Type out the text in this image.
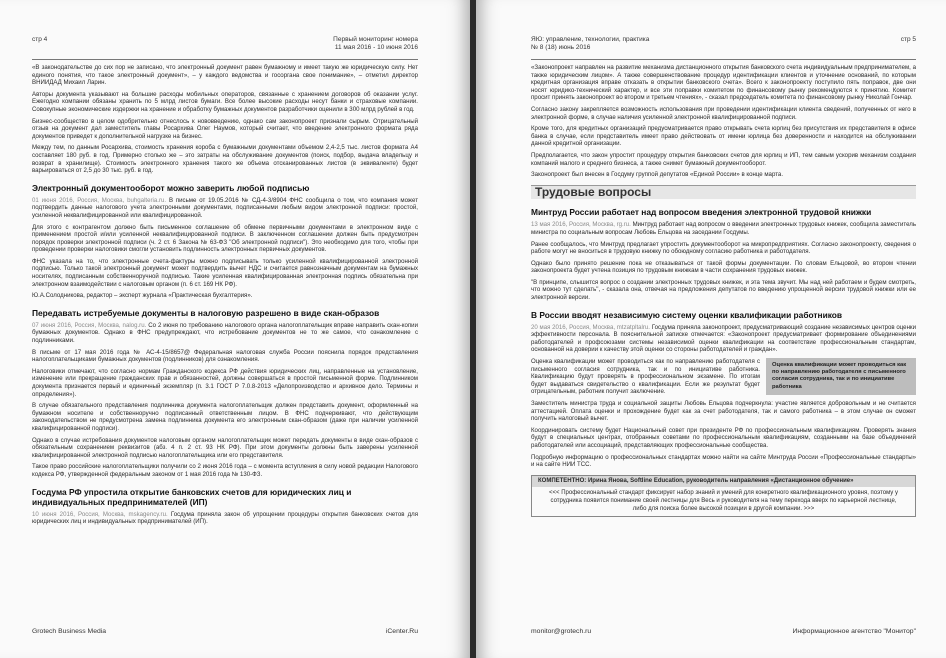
стр 4	Первый мониторинг номера
11 мая 2016 - 10 июня 2016

«В законодательстве до сих пор не записано, что электронный документ равен бумажному и имеет такую же юридическую силу. Нет единого понятия, что такое электронный документ», – у каждого ведомства и госоргана свое понимание», – отметил директор ВНИИДАД Михаил Ларин.

Авторы документа указывают на большие расходы мобильных операторов, связанные с хранением договоров об оказании услуг. Ежегодно компании обязаны хранить по 5 млрд листов бумаги. Все более высокие расходы несут банки и страховые компании. Совокупные экономические издержки на хранение и обработку бумажных документов разработчики оценили в 300 млрд рублей в год.

Бизнес-сообщество в целом одобрительно отнеслось к нововведению, однако сам законопроект признали сырым. Отрицательный отзыв на документ дал заместитель главы Росархива Олег Наумов, который считает, что введение электронного формата ряда документов приведет к дополнительной нагрузке на бизнес.

Между тем, по данным Росархива, стоимость хранения короба с бумажными документами объемом 2,4-2,5 тыс. листов формата А4 составляет 180 руб. в год. Примерно столько же – это затраты на обслуживание документов (поиск, подбор, выдача владельцу и возврат в хранилище). Стоимость электронного хранения такого же объема отсканированных листов (в эквиваленте) будет варьироваться от 2,5 до 30 тыс. руб. в год.

Электронный документооборот можно заверить любой подписью

01 июня 2016, Россия, Москва, buhgalteria.ru. В письме от 19.05.2016 № СД-4-3/8904 ФНС сообщила о том, что компания может подтвердить данные налогового учета электронными документами, подписанными любым видом электронной подписи: простой, усиленной неквалифицированной или квалифицированной.

Для этого с контрагентом должно быть письменное соглашение об обмене первичными документами в электронном виде с применением простой и/или усиленной неквалифицированной подписи. В заключенном соглашении должен быть предусмотрен порядок проверки электронной подписи (ч. 2 ст. 6 Закона № 63-ФЗ "Об электронной подписи"). Это необходимо для того, чтобы при проведении проверки налоговики смогли установить подлинность электронных первичных документов.

ФНС указала на то, что электронные счета-фактуры можно подписывать только усиленной квалифицированной электронной подписью. Только такой электронный документ может подтвердить вычет НДС и считается равнозначным документам на бумажных носителях, подписанным собственноручной подписью. Такие усиленная квалифицированная электронная подпись обязательна при электронном взаимодействии с налоговым органом (п. 6 ст. 169 НК РФ).

Ю.А.Солодникова, редактор – эксперт журнала «Практическая бухгалтерия».

Передавать истребуемые документы в налоговую разрешено в виде скан-образов

07 июня 2016, Россия, Москва, nalog.ru. Со 2 июня по требованию налогового органа налогоплательщик вправе направить скан-копии бумажных документов. Однако в ФНС предупреждают, что истребование документов не то же самое, что ознакомление с подлинниками.

В письме от 17 мая 2016 года № АС-4-15/8657@ Федеральная налоговая служба России пояснила порядок представления налогоплательщиками бумажных документов (подлинников) для ознакомления.

Налоговики отмечают, что согласно нормам Гражданского кодекса РФ действия юридических лиц, направленные на установление, изменение или прекращение гражданских прав и обязанностей, должны совершаться в простой письменной форме. Подлинником документа признается первый и единичный экземпляр (п. 3.1 ГОСТ Р 7.0.8-2013 «Делопроизводство и архивное дело. Термины и определения»).

В случае обязательного представления подлинника документа налогоплательщик должен представить документ, оформленный на бумажном носителе и собственноручно подписанный ответственным лицом. В ФНС подчеркивают, что действующим законодательством не предусмотрена замена подлинника документа его электронным скан-образом (даже при наличии усиленной квалифицированной подписи).

Однако в случае истребования документов налоговым органом налогоплательщик может передать документы в виде скан-образов с обязательным сохранением реквизитов (абз. 4 п. 2 ст. 93 НК РФ). При этом документы должны быть заверены усиленной квалифицированной электронной подписью налогоплательщика или его представителя.

Такое право российские налогоплательщики получили со 2 июня 2016 года – с момента вступления в силу новой редакции Налогового кодекса РФ, утвержденной федеральным законом от 1 мая 2016 года № 130-ФЗ.

Госдума РФ упростила открытие банковских счетов для юридических лиц и индивидуальных предпринимателей (ИП)

10 июня 2016, Россия, Москва, mskagency.ru. Госдума приняла закон об упрощении процедуры открытия банковских счетов для юридических лиц и индивидуальных предпринимателей (ИП).

Grotech Business Media	iCenter.Ru
ЯЮ: управление, технологии, практика
№ 8 (18) июнь 2016
стр 5

«Законопроект направлен на развитие механизма дистанционного открытия банковского счета индивидуальным предпринимателем, а также юридическим лицом». А также совершенствование процедур идентификации клиентов и уточнение оснований, по которым кредитная организация вправе отказать в открытии банковского счета». Всего к законопроекту поступило пять поправок, две они носят юридико-технический характер, и все эти поправки комитетом по финансовому рынку рекомендуются к принятию. Комитет просит принять законопроект во втором и третьем чтениях», - сказал председатель комитета по финансовому рынку Николай Гончар.

Согласно закону закрепляется возможность использования при проведении идентификации клиента сведений, полученных от него в электронной форме, в случае наличия усиленной электронной квалифицированной подписи.

Кроме того, для кредитных организаций предусматривается право открывать счета юрлиц без присутствия их представителя в офисе банка в случае, если представитель имеет право действовать от имени юрлица без доверенности и находится на обслуживании данной кредитной организации.

Предполагается, что закон упростит процедуру открытия банковских счетов для юрлиц и ИП, тем самым ускорив механизм создания компаний малого и среднего бизнеса, а также снимет бумажный документооборот.

Законопроект был внесен в Госдуму группой депутатов «Единой России» в конце марта.

Трудовые вопросы
Минтруд России работает над вопросом введения электронной трудовой книжки

13 мая 2016, Россия, Москва, rg.ru. Минтруд работает над вопросом о введении электронных трудовых книжек, сообщила заместитель министра по социальным вопросам Любовь Ельцова на заседании Госдумы.

Ранее сообщалось, что Минтруд предлагает упростить документооборот на микропредприятиях. Согласно законопроекту, сведения о работе могут не вноситься в трудовую книжку по обоюдному согласию работника и работодателя.

Однако было принято решение пока не отказываться от такой формы документации. По словам Ельцовой, во втором чтении законопроекта будет учтена позиция по трудовым книжкам в части сохранения трудовых книжек.

"В принципе, слышится вопрос о создании электронных трудовых книжек, и эта тема звучит. Мы над ней работаем и будем смотреть, что можно тут сделать", - сказала она, отвечая на предложения депутатов по введению упрощенной версии трудовой книжки или ее электронной версии.

В России вводят независимую систему оценки квалификации работников

20 мая 2016, Россия, Москва, mtzatpltalru. Госдума приняла законопроект, предусматривающий создание независимых центров оценки эффективности персонала. В пояснительной записке отмечается: «Законопроект предусматривает формирование объединениями работодателей и профсоюзами системы независимой оценки квалификации на соответствие профессиональным стандартам, основанной на доверии к качеству этой оценки со стороны работодателей и граждан».

Оценка квалификации может проводиться как по направлению работодателя с письменного согласия сотрудника, так и по инициативе работника

Оценка квалификации может проводиться как по направлению работодателя с письменного согласия сотрудника, так и по инициативе работника. Квалификацию будут проверять в профессиональном экзамене. По итогам будет выдаваться свидетельство о квалификации. Если же результат будет отрицательным, работник получит заключение.

Заместитель министра труда и социальной защиты Любовь Ельцова подчеркнула: участие является добровольным и не считается аттестацией. Оплата оценки и прохождение будет как за счет работодателя, так и самого работника – в этом случае он сможет получить налоговый вычет.

Координировать систему будет Национальный совет при президенте РФ по профессиональным квалификациям. Проверять знания будут в специальных центрах, отобранных советами по профессиональным квалификациям, созданными на базе объединений работодателей или ассоциаций, представляющих профессиональные сообщества.

Подробную информацию о профессиональных стандартах можно найти на сайте Минтруда России «Профессиональные стандарты» и на сайте НИИ ТСС.

КОМПЕТЕНТНО: Ирина Янова, Softline Education, руководитель направления «Дистанционное обучение»
<<< Профессиональный стандарт фиксирует набор знаний и умений для конкретного квалификационного уровня, поэтому у сотрудника появится понимание своей лестницы для Весь и руководителя на тему перехода вверх по карьерной лестнице, либо для поиска более высокой позиции в другой компании. >>>
monitor@grotech.ru	Информационное агентство "Монитор"
